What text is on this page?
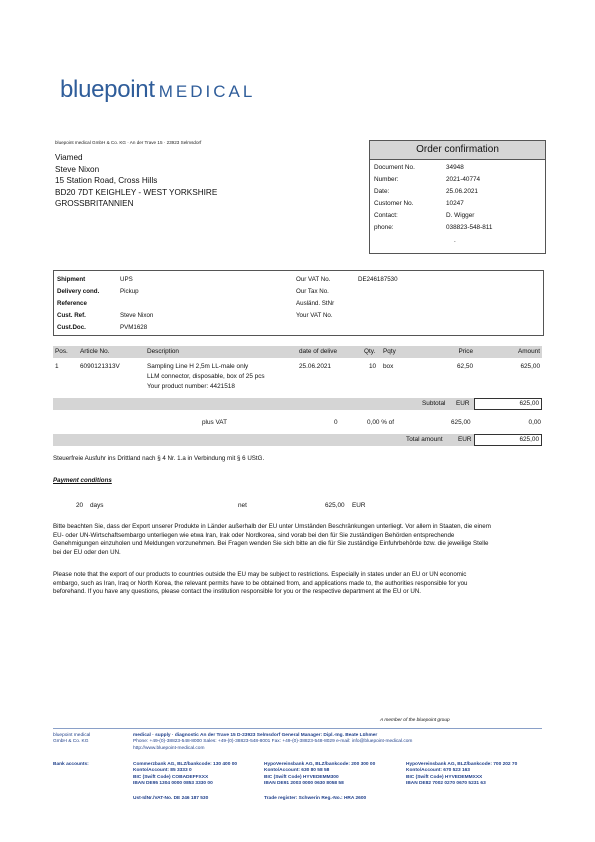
bluepoint MEDICAL
bluepoint medical GmbH & Co. KG · An der Trave 15 · 23923 Selmsdorf
Viamed
Steve Nixon
15 Station Road, Cross Hills
BD20 7DT KEIGHLEY - WEST YORKSHIRE
GROSSBRITANNIEN
Order confirmation
Document No.	34948
Number:	2021-40774
Date:	25.06.2021
Customer No.	10247
Contact:	D. Wigger
phone:	038823-548-811
.
Shipment	UPS
Delivery cond.	Pickup
Reference
Cust. Ref.	Steve Nixon
Cust.Doc.	PVM1628
Our VAT No.	DE246187530
Our Tax No.
Ausländ. StNr
Your VAT No.
Pos. Article No.	Description	date of delive	Qty. Pqty	Price	Amount
1	6090121313V	Sampling Line H 2,5m LL-male only
LLM connector, disposable, box of 25 pcs
Your product number: 4421518
25.06.2021	10 box	62,50	625,00
Subtotal EUR	625,00
plus VAT	0	0,00 % of	625,00	0,00
Total amount EUR	625,00
Steuerfreie Ausfuhr ins Drittland nach § 4 Nr. 1.a in Verbindung mit § 6 UStG.
Payment conditions
20 days	net	625,00 EUR
Bitte beachten Sie, dass der Export unserer Produkte in Länder außerhalb der EU unter Umständen Beschränkungen unterliegt. Vor allem in Staaten, die einem EU- oder UN-Wirtschaftsembargo unterliegen wie etwa Iran, Irak oder Nordkorea, sind vorab bei den für Sie zuständigen Behörden entsprechende Genehmigungen einzuholen und Meldungen vorzunehmen. Bei Fragen wenden Sie sich bitte an die für Sie zuständige Einfuhrbehörde bzw. die jeweilige Stelle bei der EU oder den UN.
Please note that the export of our products to countries outside the EU may be subject to restrictions. Especially in states under an EU or UN economic embargo, such as Iran, Iraq or North Korea, the relevant permits have to be obtained from, and applications made to, the authorities responsible for you beforehand. If you have any questions, please contact the institution responsible for you or the respective department at the EU or UN.
A member of the bluepoint group
bluepoint medical
GmbH & Co. KG
medical · supply · diagnostic An der Trave 15 D-23923 Selmsdorf General Manager: Dipl.-Ing. Beate Lühmer
Phone: +49-(0)-38823-548-8000 Sales: +49-(0)-38823-548-8001 Fax: +49-(0)-38823-548-8029 e-mail: info@bluepoint-medical.com
http://www.bluepoint-medical.com
Bank accounts:	Commerzbank AG, BLZ/bankcode: 130 400 00
Konto/Account: 85 3333 0
BIC (Swift Code) COBADEFFXXX
IBAN DE95 1304 0000 0853 3330 00
HypoVereinsbank AG, BLZ/bankcode: 200 300 00
Konto/Account: 630 80 58 58
BIC (Swift Code) HYVEDEMM300
IBAN DE91 2003 0000 0630 8058 58
HypoVereinsbank AG, BLZ/bankcode: 700 202 70
Konto/Account: 670 523 163
BIC (Swift Code) HYVEDEMMXXX
IBAN DE82 7002 0270 0670 5231 63
Ust-IdNr./VAT-No. DE 246 187 530	Trade register: Schwerin Reg.-No.: HRA 2600
